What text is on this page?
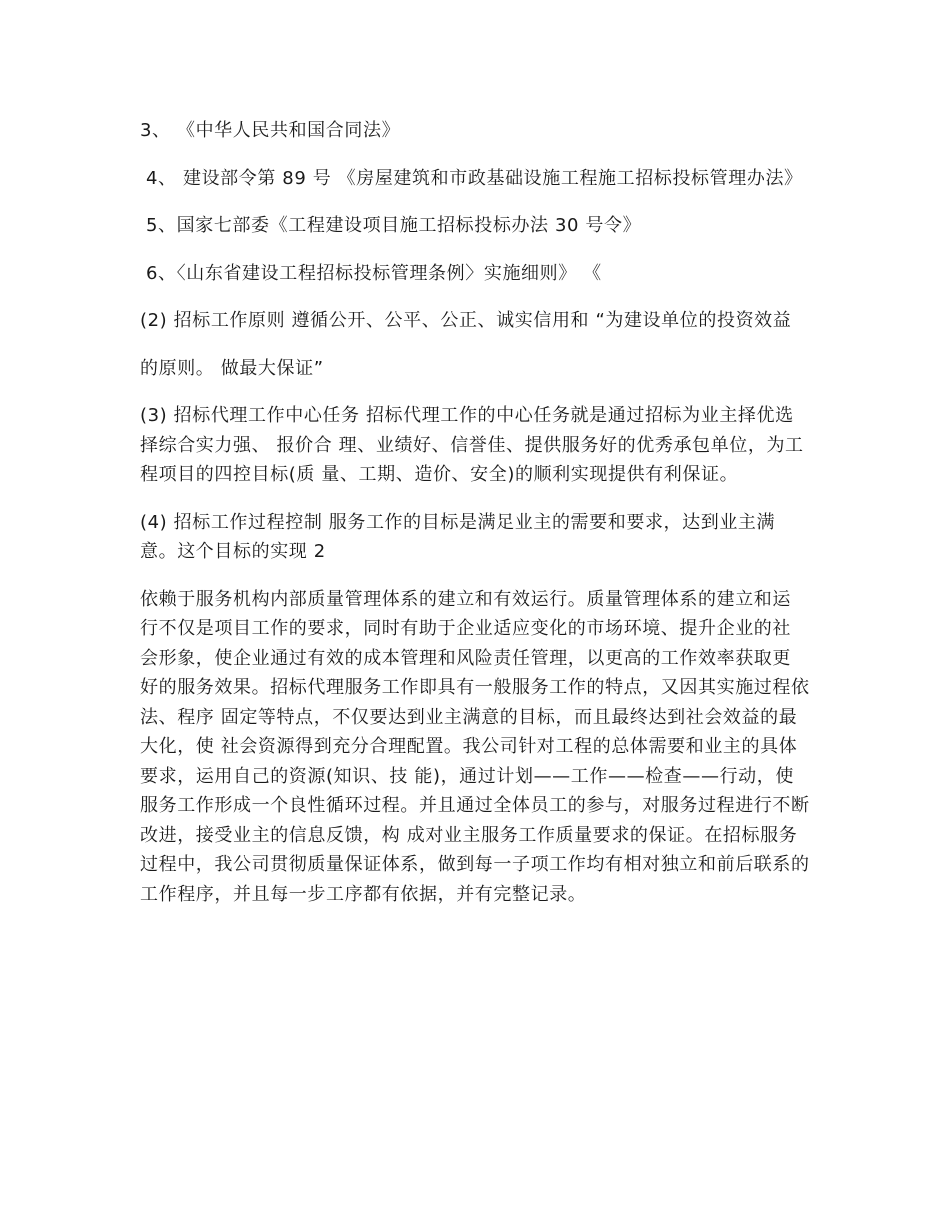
3、 《中华人民共和国合同法》

4、 建设部令第 89 号 《房屋建筑和市政基础设施工程施工招标投标管理办法》

5、国家七部委《工程建设项目施工招标投标办法 30 号令》

6、〈山东省建设工程招标投标管理条例〉实施细则》 《

(2) 招标工作原则 遵循公开、公平、公正、诚实信用和 “为建设单位的投资效益

的原则。 做最大保证”

(3) 招标代理工作中心任务 招标代理工作的中心任务就是通过招标为业主择优选择综合实力强、 报价合 理、业绩好、信誉佳、提供服务好的优秀承包单位，为工程项目的四控目标(质 量、工期、造价、安全)的顺利实现提供有利保证。

(4) 招标工作过程控制 服务工作的目标是满足业主的需要和要求，达到业主满意。这个目标的实现 2

依赖于服务机构内部质量管理体系的建立和有效运行。质量管理体系的建立和运 行不仅是项目工作的要求，同时有助于企业适应变化的市场环境、提升企业的社 会形象，使企业通过有效的成本管理和风险责任管理，以更高的工作效率获取更 好的服务效果。招标代理服务工作即具有一般服务工作的特点，又因其实施过程依法、程序 固定等特点，不仅要达到业主满意的目标，而且最终达到社会效益的最大化，使 社会资源得到充分合理配置。我公司针对工程的总体需要和业主的具体要求，运用自己的资源(知识、技 能)，通过计划——工作——检查——行动，使服务工作形成一个良性循环过程。并且通过全体员工的参与，对服务过程进行不断改进，接受业主的信息反馈，构 成对业主服务工作质量要求的保证。在招标服务过程中，我公司贯彻质量保证体系，做到每一子项工作均有相对独立和前后联系的工作程序，并且每一步工序都有依据，并有完整记录。
